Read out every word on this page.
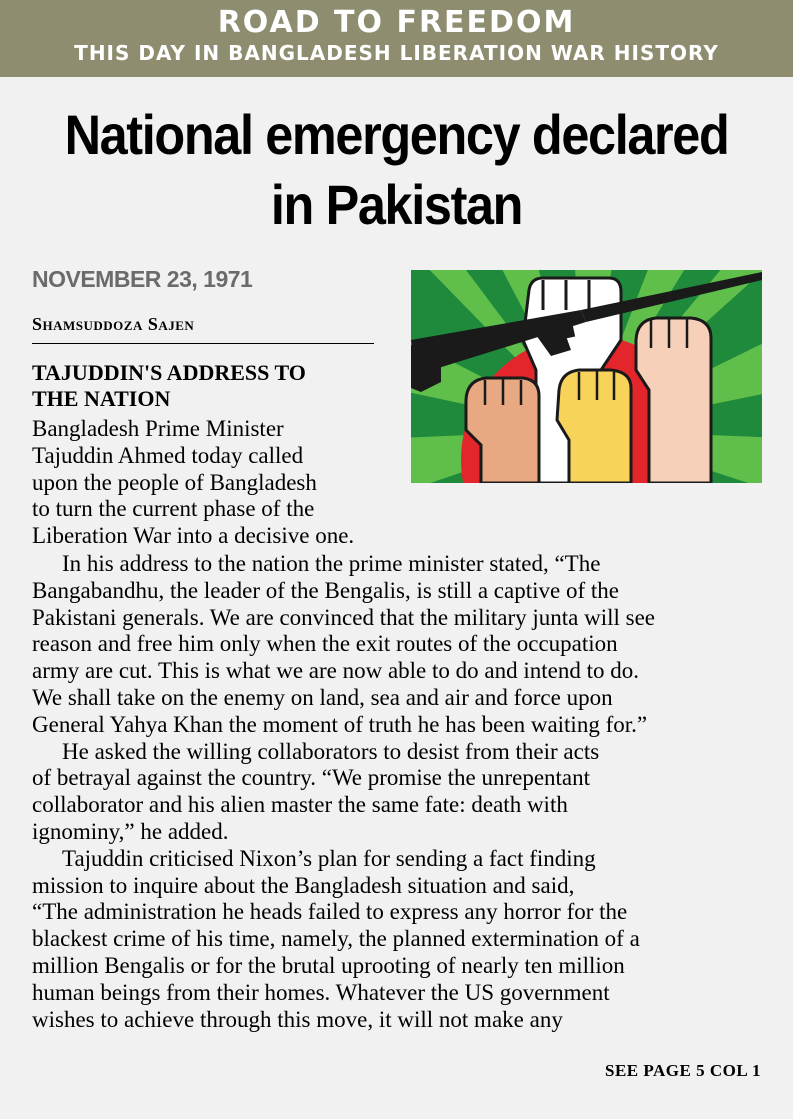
ROAD TO FREEDOM
THIS DAY IN BANGLADESH LIBERATION WAR HISTORY
National emergency declared
in Pakistan
NOVEMBER 23, 1971
Shamsuddoza Sajen
TAJUDDIN'S ADDRESS TO
THE NATION
Bangladesh Prime Minister
Tajuddin Ahmed today called
upon the people of Bangladesh
to turn the current phase of the
Liberation War into a decisive one.
In his address to the nation the prime minister stated, “The
Bangabandhu, the leader of the Bengalis, is still a captive of the
Pakistani generals. We are convinced that the military junta will see
reason and free him only when the exit routes of the occupation
army are cut. This is what we are now able to do and intend to do.
We shall take on the enemy on land, sea and air and force upon
General Yahya Khan the moment of truth he has been waiting for.”
He asked the willing collaborators to desist from their acts
of betrayal against the country. “We promise the unrepentant
collaborator and his alien master the same fate: death with
ignominy,” he added.
Tajuddin criticised Nixon’s plan for sending a fact finding
mission to inquire about the Bangladesh situation and said,
“The administration he heads failed to express any horror for the
blackest crime of his time, namely, the planned extermination of a
million Bengalis or for the brutal uprooting of nearly ten million
human beings from their homes. Whatever the US government
wishes to achieve through this move, it will not make any
SEE PAGE 5 COL 1
